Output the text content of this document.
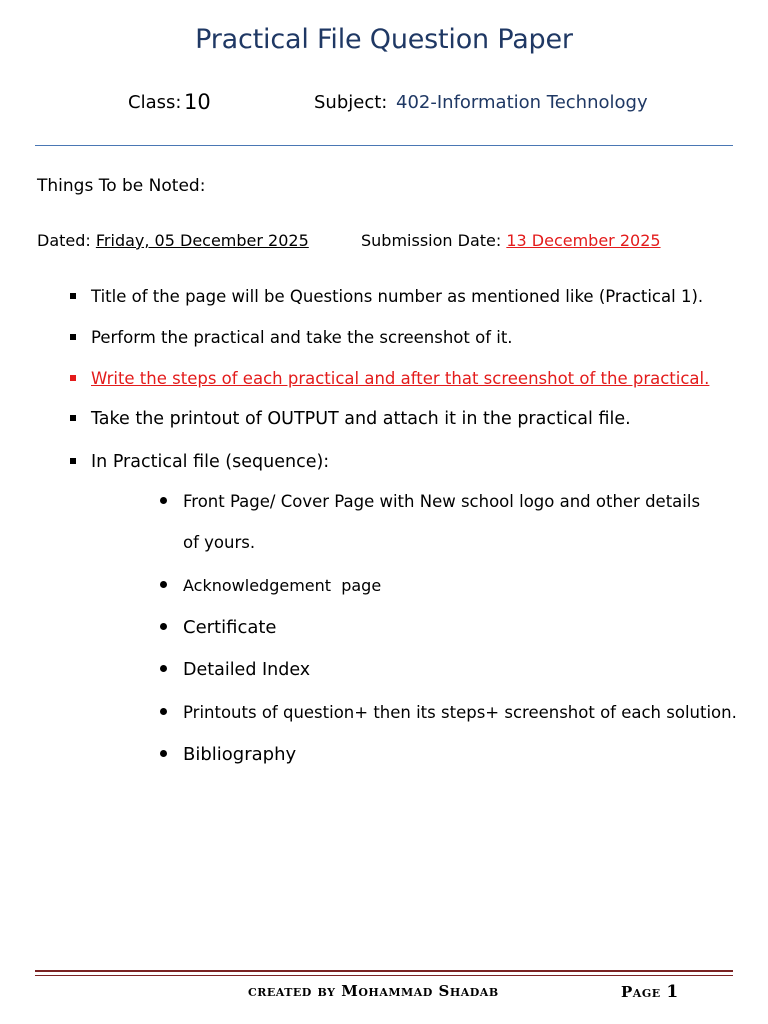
Practical File Question Paper
Class: 10	Subject: 402-Information Technology
Things To be Noted:
Dated: Friday, 05 December 2025	Submission Date: 13 December 2025
Title of the page will be Questions number as mentioned like (Practical 1).
Perform the practical and take the screenshot of it.
Write the steps of each practical and after that screenshot of the practical.
Take the printout of OUTPUT and attach it in the practical file.
In Practical file (sequence):
Front Page/ Cover Page with New school logo and other details of yours.
Acknowledgement  page
Certificate
Detailed Index
Printouts of question+ then its steps+ screenshot of each solution.
Bibliography
created by Mohammad Shadab	Page 1
